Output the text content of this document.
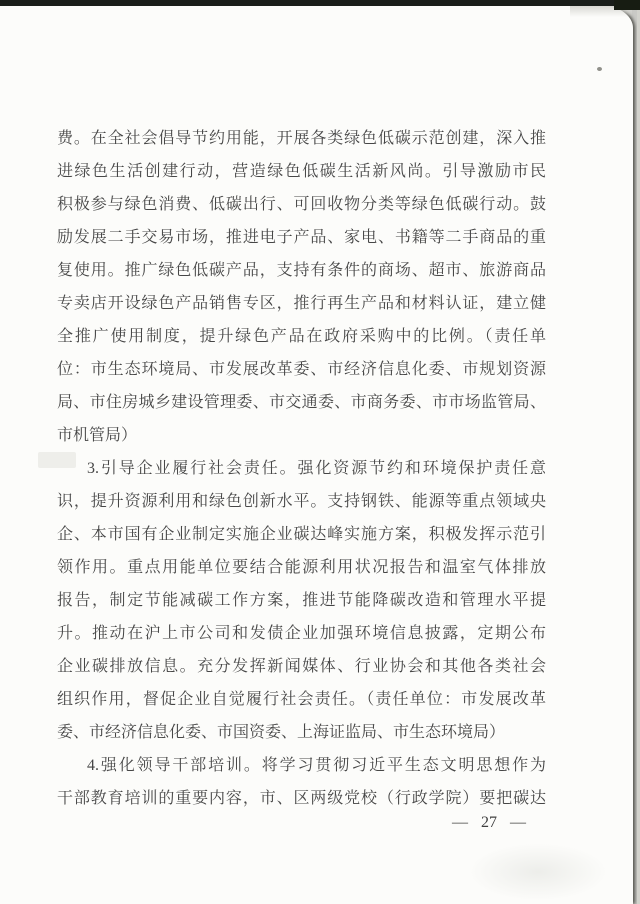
费。在全社会倡导节约用能，开展各类绿色低碳示范创建，深入推
进绿色生活创建行动，营造绿色低碳生活新风尚。引导激励市民
积极参与绿色消费、低碳出行、可回收物分类等绿色低碳行动。鼓
励发展二手交易市场，推进电子产品、家电、书籍等二手商品的重
复使用。推广绿色低碳产品，支持有条件的商场、超市、旅游商品
专卖店开设绿色产品销售专区，推行再生产品和材料认证，建立健
全推广使用制度，提升绿色产品在政府采购中的比例。（责任单
位：市生态环境局、市发展改革委、市经济信息化委、市规划资源
局、市住房城乡建设管理委、市交通委、市商务委、市市场监管局、
市机管局）
3.引导企业履行社会责任。强化资源节约和环境保护责任意
识，提升资源利用和绿色创新水平。支持钢铁、能源等重点领域央
企、本市国有企业制定实施企业碳达峰实施方案，积极发挥示范引
领作用。重点用能单位要结合能源利用状况报告和温室气体排放
报告，制定节能减碳工作方案，推进节能降碳改造和管理水平提
升。推动在沪上市公司和发债企业加强环境信息披露，定期公布
企业碳排放信息。充分发挥新闻媒体、行业协会和其他各类社会
组织作用，督促企业自觉履行社会责任。（责任单位：市发展改革
委、市经济信息化委、市国资委、上海证监局、市生态环境局）
4.强化领导干部培训。将学习贯彻习近平生态文明思想作为
干部教育培训的重要内容，市、区两级党校（行政学院）要把碳达
— 27 —
